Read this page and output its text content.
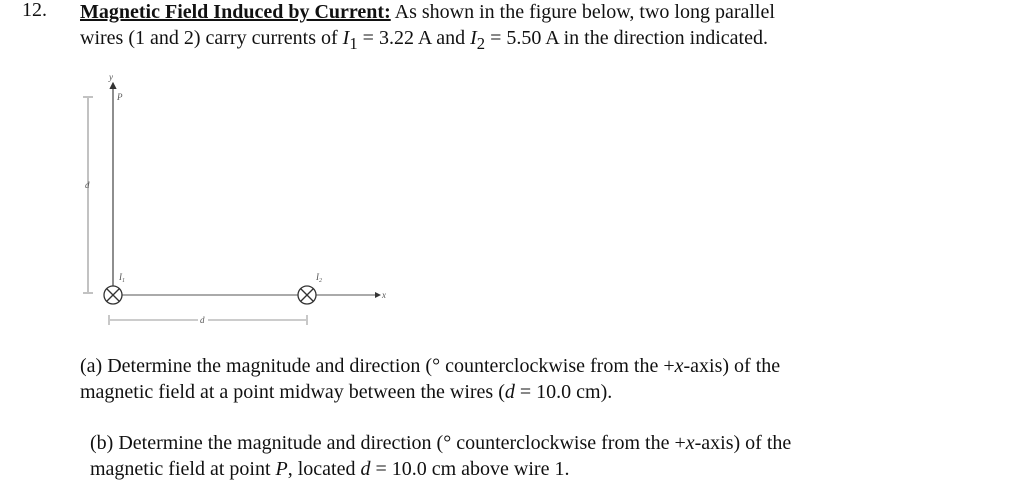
12. Magnetic Field Induced by Current: As shown in the figure below, two long parallel
wires (1 and 2) carry currents of $I_1 = 3.22$ A and $I_2 = 5.50$ A in the direction indicated.
y
P
x
d
d
$I_1$	$I_2$
(a) Determine the magnitude and direction (° counterclockwise from the +x-axis) of the
magnetic field at a point midway between the wires (d = 10.0 cm).
(b) Determine the magnitude and direction (° counterclockwise from the +x-axis) of the
magnetic field at point P, located d = 10.0 cm above wire 1.
